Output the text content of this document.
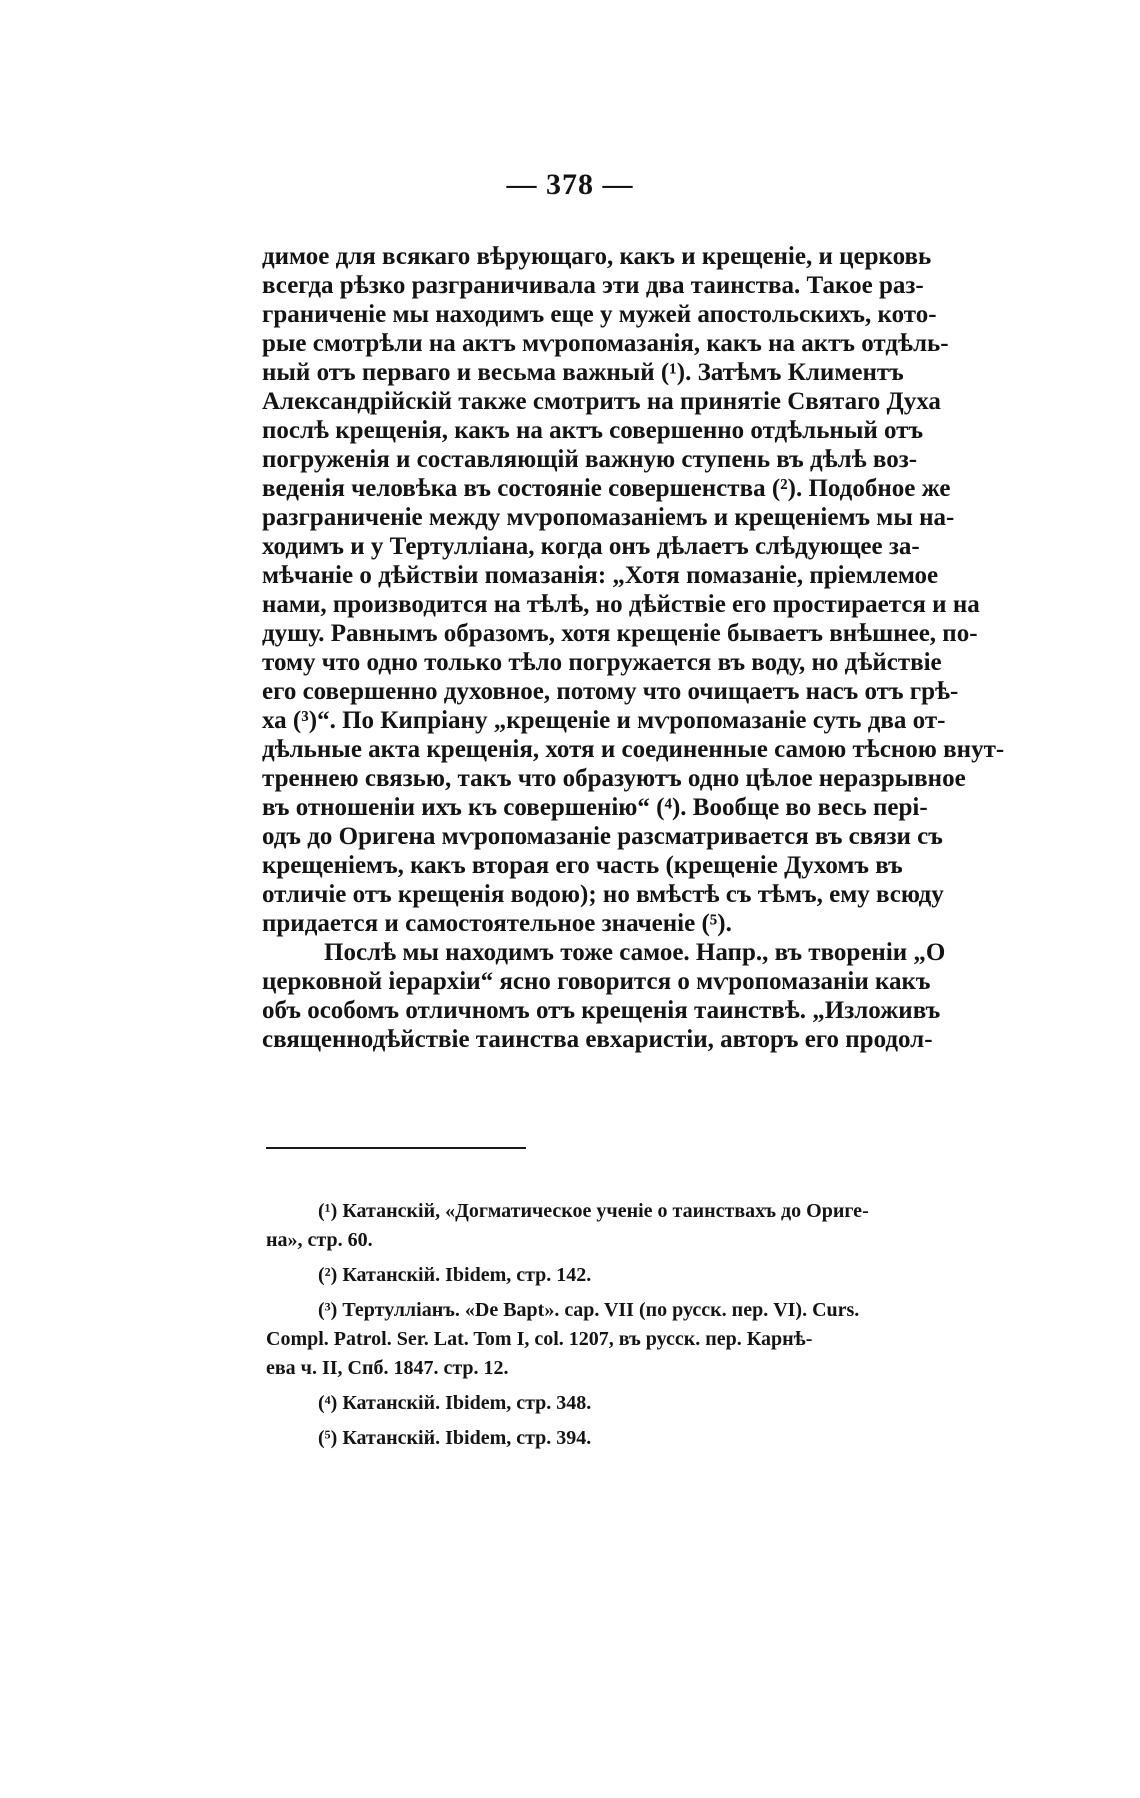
— 378 —
димое для всякаго вѣрующаго, какъ и крещеніе, и церковь
всегда рѣзко разграничивала эти два таинства. Такое раз-
граниченіе мы находимъ еще у мужей апостольскихъ, кото-
рые смотрѣли на актъ мѵропомазанія, какъ на актъ отдѣль-
ный отъ перваго и весьма важный (¹). Затѣмъ Климентъ
Александрійскій также смотритъ на принятіе Святаго Духа
послѣ крещенія, какъ на актъ совершенно отдѣльный отъ
погруженія и составляющій важную ступень въ дѣлѣ воз-
веденія человѣка въ состояніе совершенства (²). Подобное же
разграниченіе между мѵропомазаніемъ и крещеніемъ мы на-
ходимъ и у Тертулліана, когда онъ дѣлаетъ слѣдующее за-
мѣчаніе о дѣйствіи помазанія: „Хотя помазаніе, пріемлемое
нами, производится на тѣлѣ, но дѣйствіе его простирается и на
душу. Равнымъ образомъ, хотя крещеніе бываетъ внѣшнее, по-
тому что одно только тѣло погружается въ воду, но дѣйствіе
его совершенно духовное, потому что очищаетъ насъ отъ грѣ-
ха (³)“. По Кипріану „крещеніе и мѵропомазаніе суть два от-
дѣльные акта крещенія, хотя и соединенные самою тѣсною внут-
треннею связью, такъ что образуютъ одно цѣлое неразрывное
въ отношеніи ихъ къ совершенію“ (⁴). Вообще во весь пері-
одъ до Оригена мѵропомазаніе разсматривается въ связи съ
крещеніемъ, какъ вторая его часть (крещеніе Духомъ въ
отличіе отъ крещенія водою); но вмѣстѣ съ тѣмъ, ему всюду
придается и самостоятельное значеніе (⁵).
Послѣ мы находимъ тоже самое. Напр., въ твореніи „О
церковной іерархіи“ ясно говорится о мѵропомазаніи какъ
объ особомъ отличномъ отъ крещенія таинствѣ. „Изложивъ
священнодѣйствіе таинства евхаристіи, авторъ его продол-
(¹) Катанскій, «Догматическое ученіе о таинствахъ до Ориге-
на», стр. 60.
(²) Катанскій. Ibidem, стр. 142.
(³) Тертулліанъ. «De Bapt». cap. VII (по русск. пер. VI). Curs.
Compl. Patrol. Ser. Lat. Tom I, col. 1207, въ русск. пер. Карнѣ-
ева ч. II, Спб. 1847. стр. 12.
(⁴) Катанскій. Ibidem, стр. 348.
(⁵) Катанскій. Ibidem, стр. 394.
